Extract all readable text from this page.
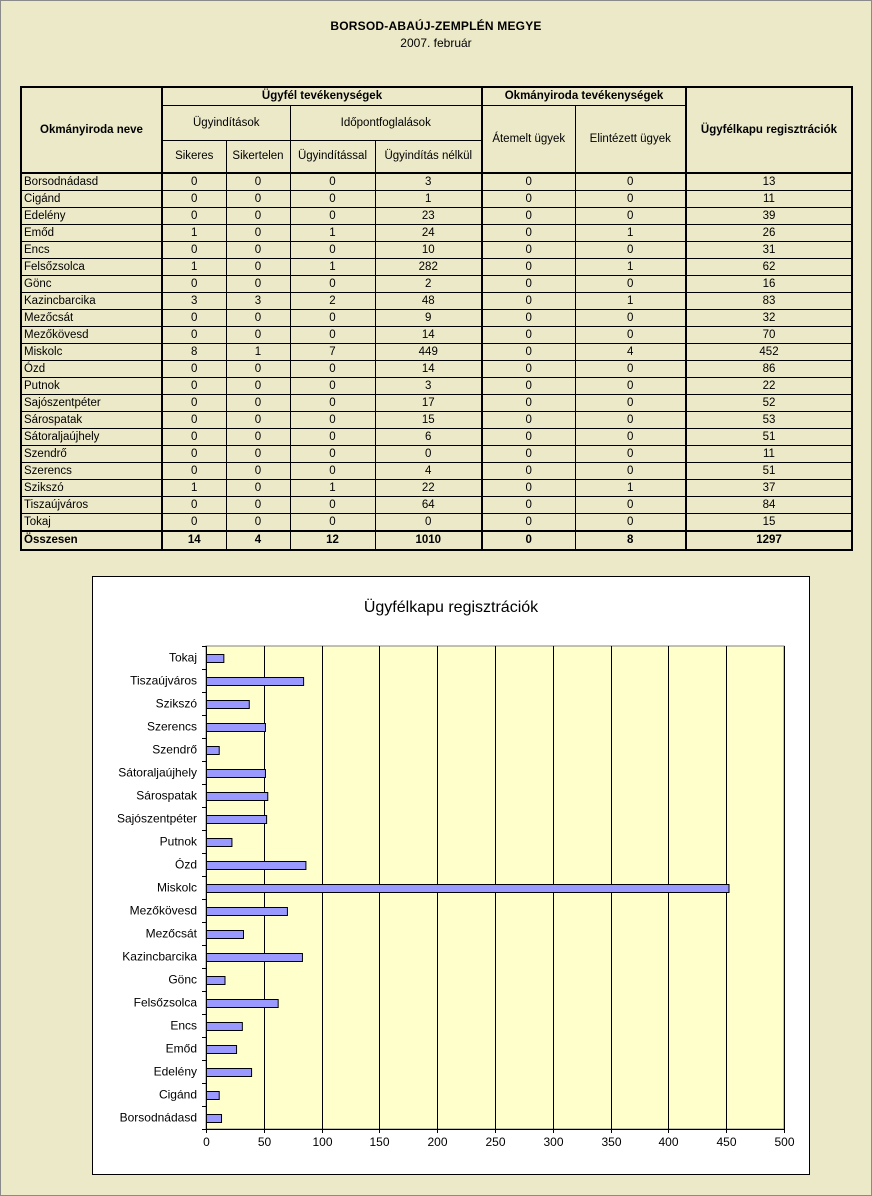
BORSOD-ABAÚJ-ZEMPLÉN MEGYE
2007. február
Okmányiroda neve	Ügyfél tevékenységek				Okmányiroda tevékenységek		Ügyfélkapu regisztrációk
	Ügyindítások		Időpontfoglalások		Átemelt ügyek	Elintézett ügyek	
	Sikeres	Sikertelen	Ügyindítással	Ügyindítás nélkül			
Borsodnádasd	0	0	0	3	0	0	13
Cigánd	0	0	0	1	0	0	11
Edelény	0	0	0	23	0	0	39
Emőd	1	0	1	24	0	1	26
Encs	0	0	0	10	0	0	31
Felsőzsolca	1	0	1	282	0	1	62
Gönc	0	0	0	2	0	0	16
Kazincbarcika	3	3	2	48	0	1	83
Mezőcsát	0	0	0	9	0	0	32
Mezőkövesd	0	0	0	14	0	0	70
Miskolc	8	1	7	449	0	4	452
Ózd	0	0	0	14	0	0	86
Putnok	0	0	0	3	0	0	22
Sajószentpéter	0	0	0	17	0	0	52
Sárospatak	0	0	0	15	0	0	53
Sátoraljaújhely	0	0	0	6	0	0	51
Szendrő	0	0	0	0	0	0	11
Szerencs	0	0	0	4	0	0	51
Szikszó	1	0	1	22	0	1	37
Tiszaújváros	0	0	0	64	0	0	84
Tokaj	0	0	0	0	0	0	15
Összesen	14	4	12	1010	0	8	1297
Ügyfélkapu regisztrációk
0	50	100	150	200	250	300	350	400	450	500
Borsodnádasd
Cigánd
Edelény
Emőd
Encs
Felsőzsolca
Gönc
Kazincbarcika
Mezőcsát
Mezőkövesd
Miskolc
Ózd
Putnok
Sajószentpéter
Sárospatak
Sátoraljaújhely
Szendrő
Szerencs
Szikszó
Tiszaújváros
Tokaj
